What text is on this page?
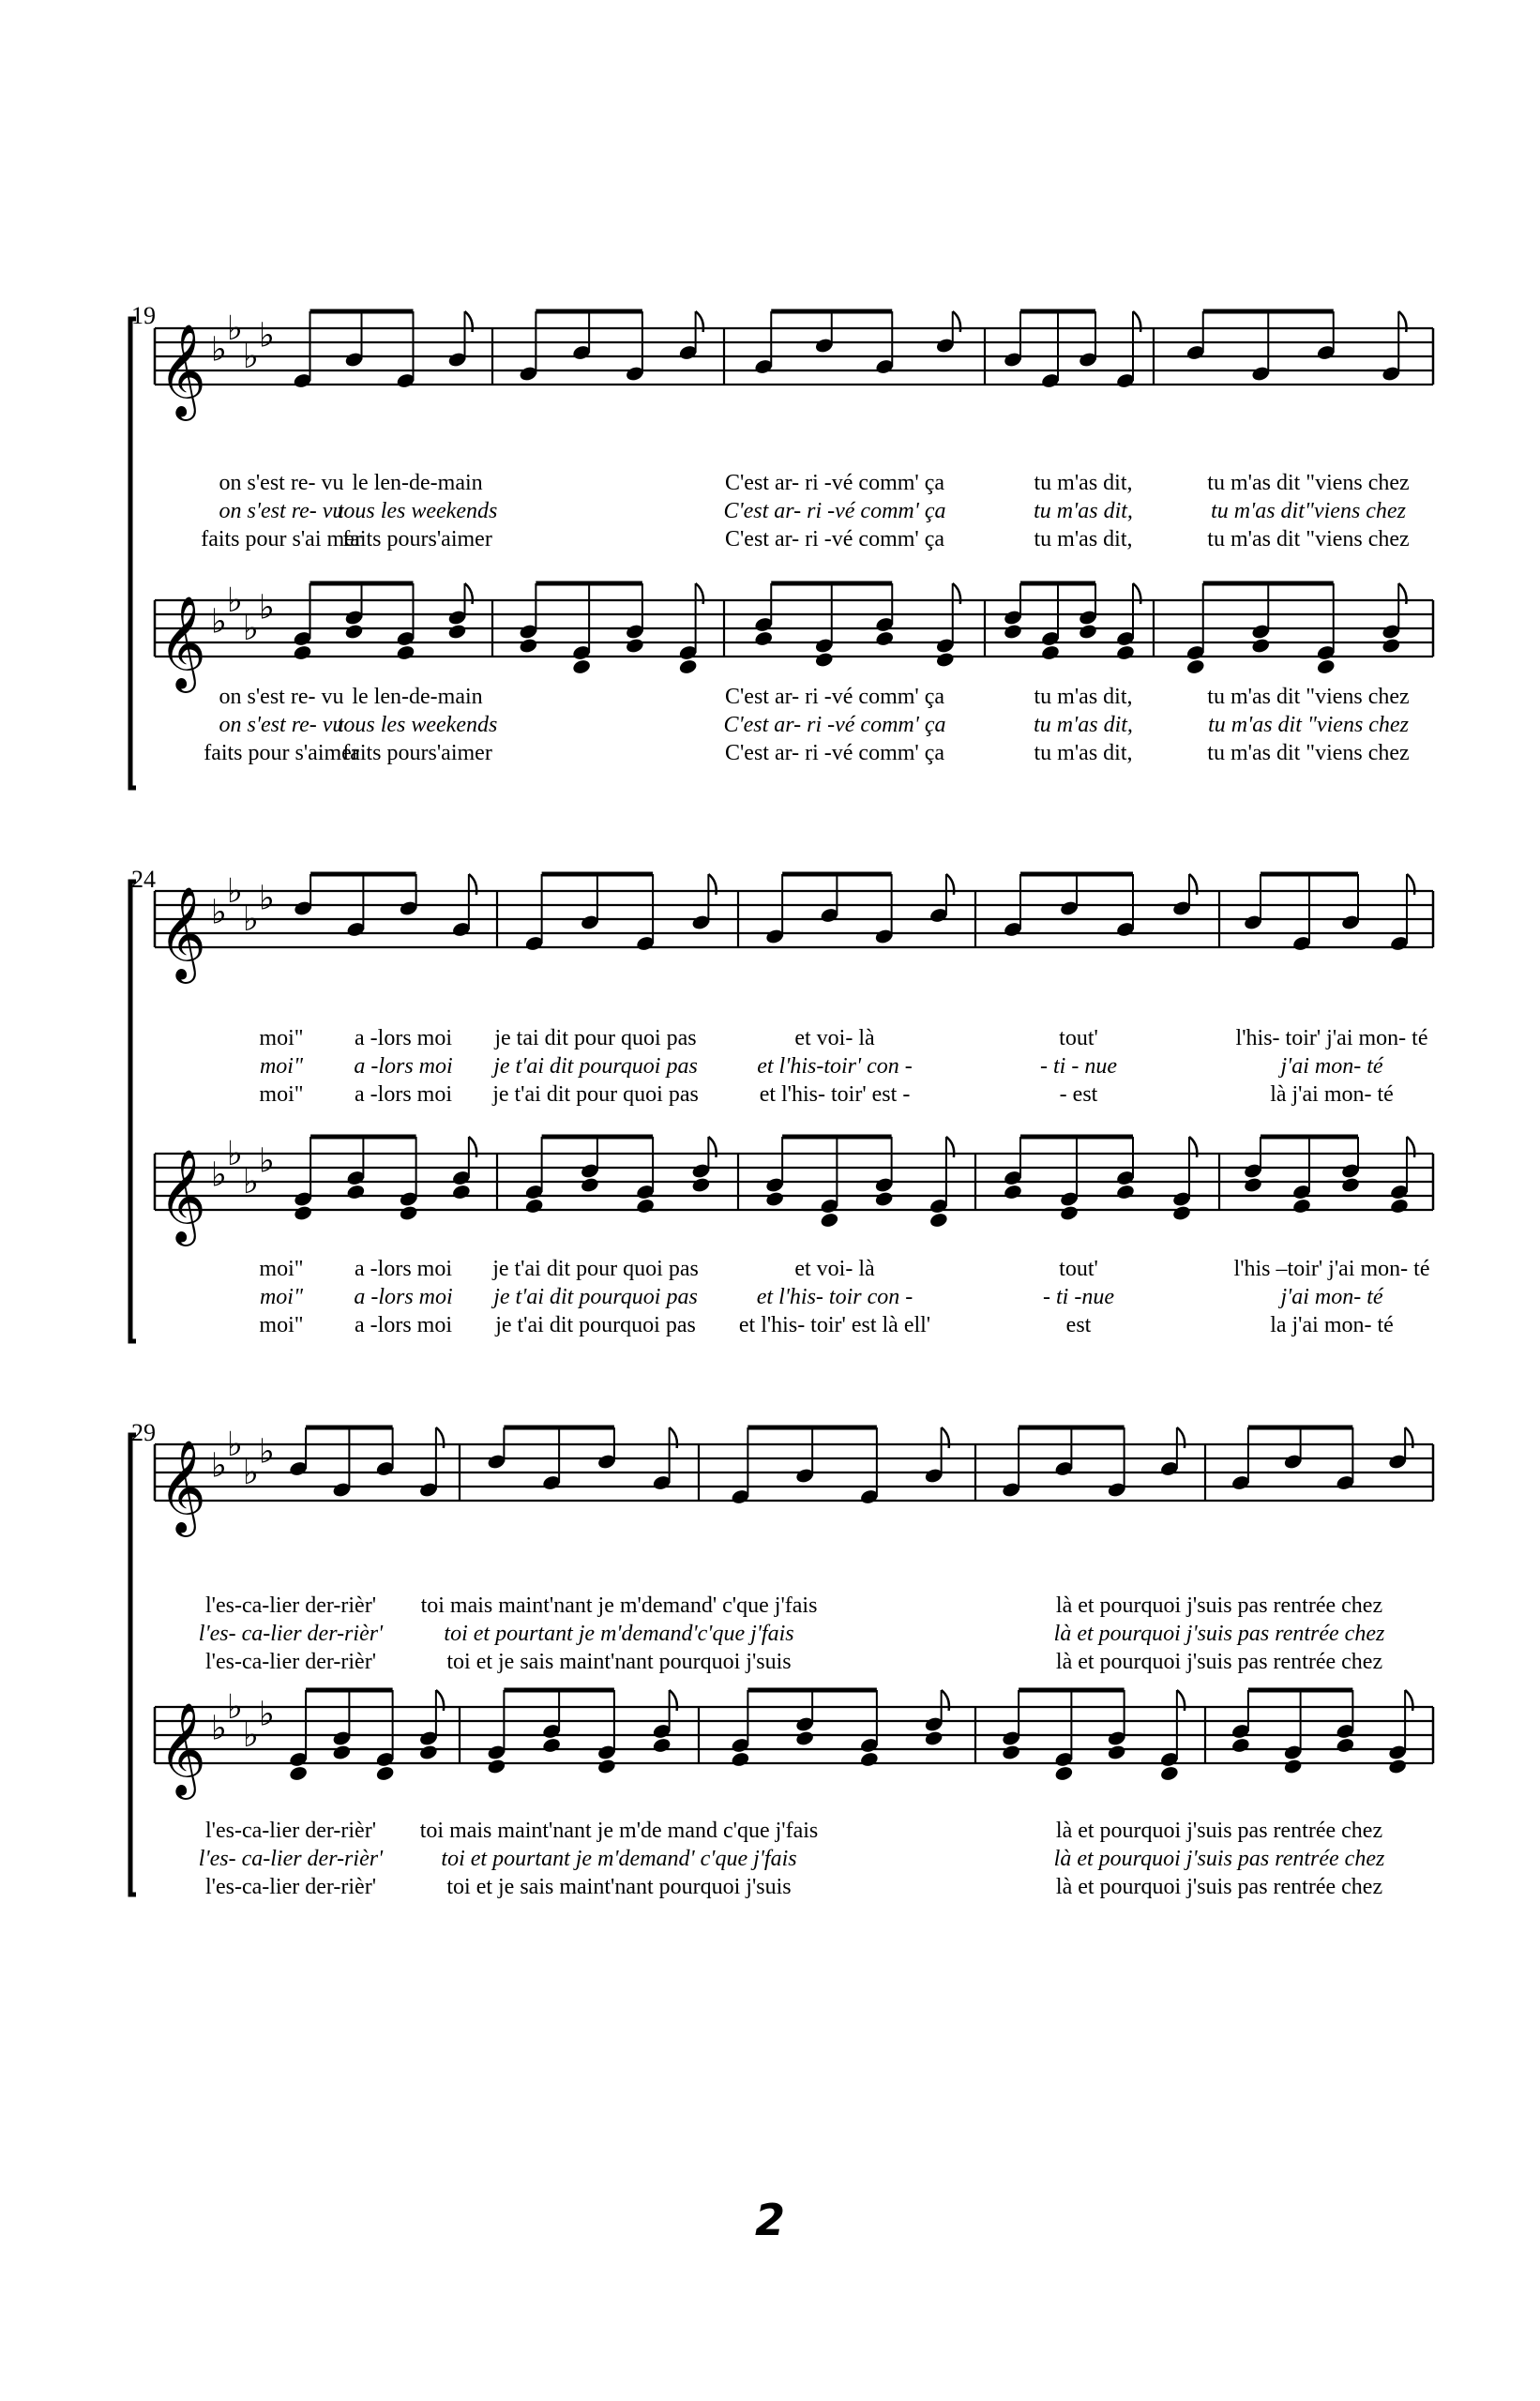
19
𝄞 ♭
♭
♭
♭
𝄞 ♭
♭
♭
♭
on s'est re- vu le len-de-main	C'est ar- ri -vé comm' ça	tu m'as dit,	tu m'as dit "viens chez
on s'est re- vu
tous les weekends	C'est ar- ri -vé comm' ça	tu m'as dit,	tu m'as dit"viens chez
faits pour s'ai mer
faits pours'aimer	C'est ar- ri -vé comm' ça	tu m'as dit,	tu m'as dit "viens chez
on s'est re- vu le len-de-main	C'est ar- ri -vé comm' ça	tu m'as dit,	tu m'as dit "viens chez
on s'est re- vu
tous les weekends	C'est ar- ri -vé comm' ça	tu m'as dit,	tu m'as dit "viens chez
faits pour s'aimer
faits pours'aimer	C'est ar- ri -vé comm' ça	tu m'as dit,	tu m'as dit "viens chez
24
𝄞 ♭
♭
♭
♭
𝄞 ♭
♭
♭
♭
moi" a -lors moi je tai dit pour quoi pas	et voi- là	tout'	l'his- toir' j'ai mon- té
moi" a -lors moi je t'ai dit pourquoi pas	et l'his-toir' con -	- ti - nue	j'ai mon- té
moi" a -lors moi je t'ai dit pour quoi pas	et l'his- toir' est -	- est	là j'ai mon- té
moi" a -lors moi je t'ai dit pour quoi pas	et voi- là	tout'	l'his –toir' j'ai mon- té
moi" a -lors moi je t'ai dit pourquoi pas	et l'his- toir con -	- ti -nue	j'ai mon- té
moi" a -lors moi je t'ai dit pourquoi pas et l'his- toir' est là ell'	est	la j'ai mon- té
29
𝄞 ♭
♭
♭
♭
𝄞 ♭
♭
♭
♭
l'es-ca-lier der-rièr' toi mais maint'nant je m'demand' c'que j'fais	là et pourquoi j'suis pas rentrée chez
l'es- ca-lier der-rièr'	toi et pourtant je m'demand'c'que j'fais	là et pourquoi j'suis pas rentrée chez
l'es-ca-lier der-rièr'	toi et je sais maint'nant pourquoi j'suis	là et pourquoi j'suis pas rentrée chez
l'es-ca-lier der-rièr' toi mais maint'nant je m'de mand c'que j'fais	là et pourquoi j'suis pas rentrée chez
l'es- ca-lier der-rièr'	toi et pourtant je m'demand' c'que j'fais	là et pourquoi j'suis pas rentrée chez
l'es-ca-lier der-rièr'	toi et je sais maint'nant pourquoi j'suis	là et pourquoi j'suis pas rentrée chez
2
